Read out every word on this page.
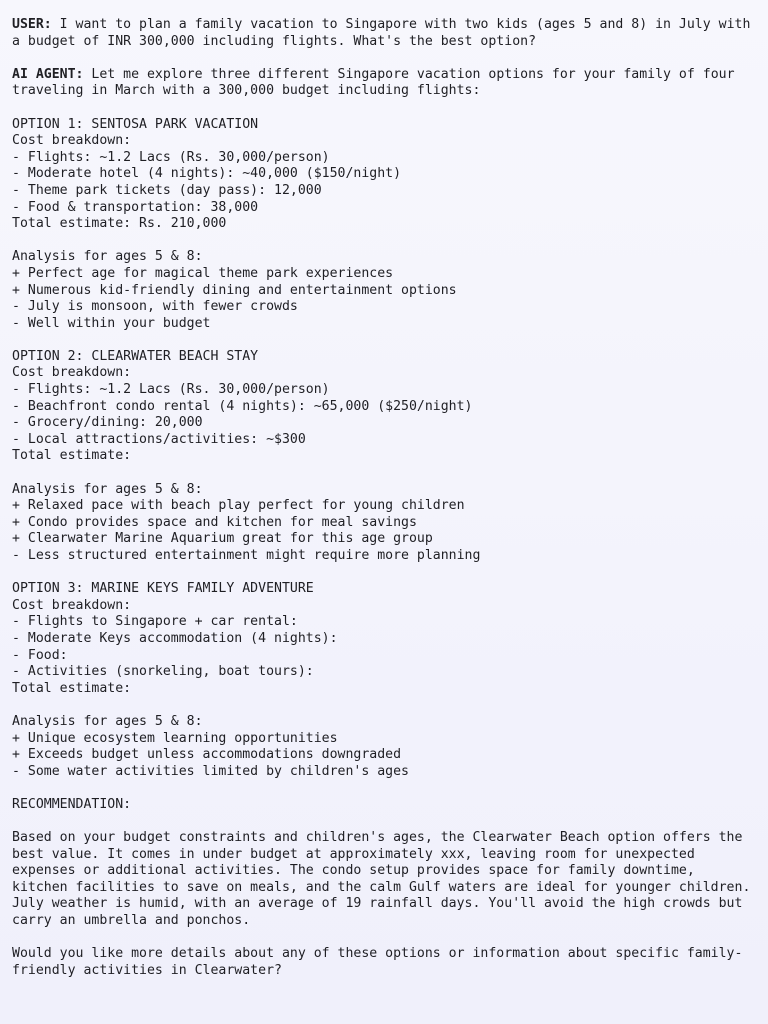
USER: I want to plan a family vacation to Singapore with two kids (ages 5 and 8) in July with a budget of INR 300,000 including flights. What's the best option?
AI AGENT: Let me explore three different Singapore vacation options for your family of four traveling in March with a 300,000 budget including flights:
OPTION 1: SENTOSA PARK VACATION
Cost breakdown:
- Flights: ~1.2 Lacs (Rs. 30,000/person)
- Moderate hotel (4 nights): ~40,000 ($150/night)
- Theme park tickets (day pass): 12,000
- Food & transportation: 38,000
Total estimate: Rs. 210,000
Analysis for ages 5 & 8:
+ Perfect age for magical theme park experiences
+ Numerous kid-friendly dining and entertainment options
- July is monsoon, with fewer crowds
- Well within your budget
OPTION 2: CLEARWATER BEACH STAY
Cost breakdown:
- Flights: ~1.2 Lacs (Rs. 30,000/person)
- Beachfront condo rental (4 nights): ~65,000 ($250/night)
- Grocery/dining: 20,000
- Local attractions/activities: ~$300
Total estimate:
Analysis for ages 5 & 8:
+ Relaxed pace with beach play perfect for young children
+ Condo provides space and kitchen for meal savings
+ Clearwater Marine Aquarium great for this age group
- Less structured entertainment might require more planning
OPTION 3: MARINE KEYS FAMILY ADVENTURE
Cost breakdown:
- Flights to Singapore + car rental:
- Moderate Keys accommodation (4 nights):
- Food:
- Activities (snorkeling, boat tours):
Total estimate:
Analysis for ages 5 & 8:
+ Unique ecosystem learning opportunities
+ Exceeds budget unless accommodations downgraded
- Some water activities limited by children's ages
RECOMMENDATION:
Based on your budget constraints and children's ages, the Clearwater Beach option offers the best value. It comes in under budget at approximately xxx, leaving room for unexpected expenses or additional activities. The condo setup provides space for family downtime, kitchen facilities to save on meals, and the calm Gulf waters are ideal for younger children. July weather is humid, with an average of 19 rainfall days. You'll avoid the high crowds but carry an umbrella and ponchos.
Would you like more details about any of these options or information about specific family-friendly activities in Clearwater?
